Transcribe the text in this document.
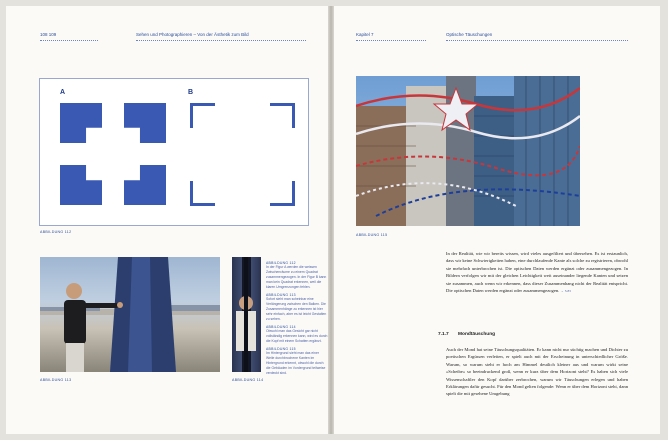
108 109	Sehen und Photographieren – Von der Ästhetik zum Bild
A	B
ABBILDUNG 112
ABBILDUNG 113	ABBILDUNG 114
ABBILDUNG 112
In der Figur A werden die weissen Zwischenräume zu einem Quadrat zusammengezogen. In der Figur B kann man kein Quadrat erkennen, weil die klaren Umgrenzungen fehlen.
ABBILDUNG 113
Sofort sieht man scheinbar eine Verlängerung zwischen den Balken. Die Zusammenhänge zu erkennen ist hier sehr einfach, aber es ist leicht Gestalten zu sehen.
ABBILDUNG 114
Obwohl man das Gesicht gar nicht vollständig erkennen kann, wird es durch die Kopf mit einem Schatten ergänzt.
ABBILDUNG 115
Im Hintergrund sieht man das einer Weile durchbrochene Kanten im Hintergrund erkennt, obwohl die durch die Gebäuden im Vordergrund teilweise verdeckt sind.
Kapitel 7	Optische Täuschungen
ABBILDUNG 115
In der Realität, wie wir bereits wissen, wird vieles ausgefiltert und übersehen. Es ist erstaunlich, dass wir keine Schwierigkeiten haben, eine durchlaufende Kante als solche zu registrieren, obwohl sie mehrfach unterbrochen ist. Die optischen Daten werden ergänzt oder zusammengezogen. In Bildern verfolgen wir mit der gleichen Leichtigkeit weit auseinander liegende Kanten und setzen sie zusammen, auch wenn wir erkennen, dass dieser Zusammenhang nicht der Realität entspricht. Die optischen Daten werden ergänzt oder zusammengezogen. → S.83
7.1.7 Mondtäuschung
Auch der Mond hat seine Täuschungsqualitäten. Er kann nicht nur süchtig machen und Dichter zu poetischen Ergüssen verleiten, er spielt auch mit der Erscheinung in unterschiedlicher Größe. Warum, so warum steht er hoch am Himmel deutlich kleiner aus und warum wirkt seine »Scheibe« so beeindruckend groß, wenn er kurz über dem Horizont steht? Es haben sich viele Wissenschaftler den Kopf darüber zerbrochen, warum wir Täuschungen erlegen und haben Erklärungen dafür gesucht. Für den Mond gelten folgende: Wenn er über dem Horizont steht, dann spielt die mit gesehene Umgebung
